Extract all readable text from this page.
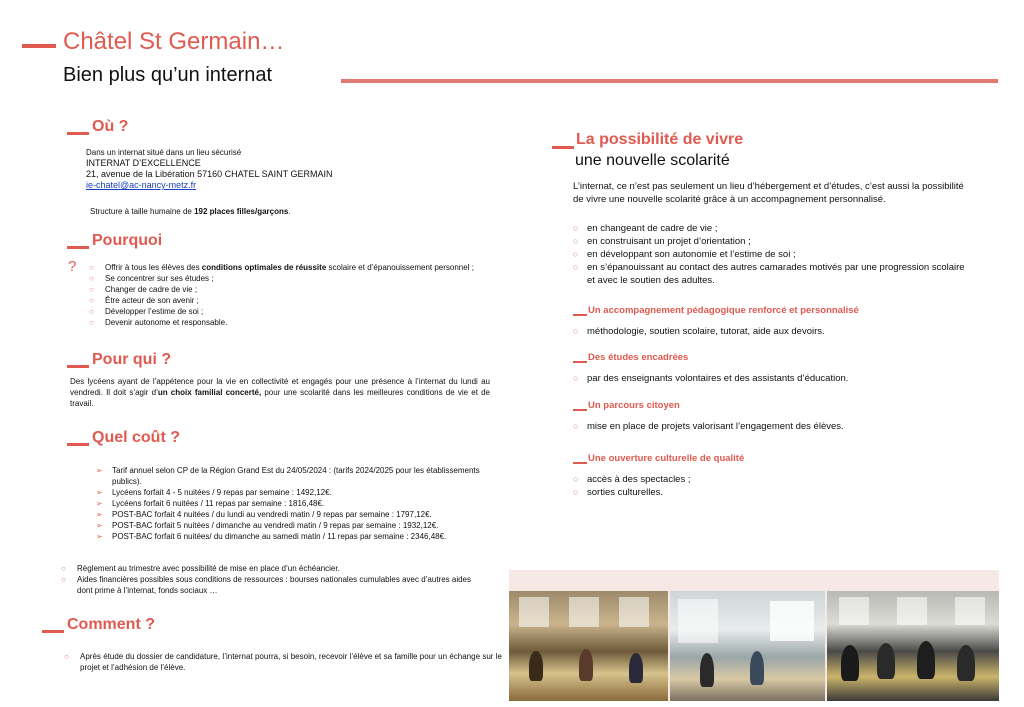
Châtel St Germain…
Bien plus qu’un internat
Où ?
Dans un internat situé dans un lieu sécurisé
INTERNAT D’EXCELLENCE
21, avenue de la Libération 57160 CHATEL SAINT GERMAIN
ie-chatel@ac-nancy-metz.fr
Structure à taille humaine de 192 places filles/garçons.
Pourquoi
?
○	Offrir à tous les élèves des conditions optimales de réussite scolaire et d’épanouissement personnel ;
○ Se concentrer sur ses études ;
○ Changer de cadre de vie ;
○ Être acteur de son avenir ;
○ Développer l’estime de soi ;
○ Devenir autonome et responsable.
Pour qui ?
Des lycéens ayant de l’appétence pour la vie en collectivité et engagés pour une présence à l’internat du lundi au vendredi. Il doit s’agir d’un choix familial concerté, pour une scolarité dans les meilleures conditions de vie et de travail.
Quel coût ?
➢ Tarif annuel selon CP de la Région Grand Est du 24/05/2024 : (tarifs 2024/2025 pour les établissements publics).
➢ Lycéens forfait 4 - 5 nuitées / 9 repas par semaine : 1492,12€.
➢ Lycéens forfait 6 nuitées / 11 repas par semaine : 1816,48€.
➢ POST-BAC forfait 4 nuitées / du lundi au vendredi matin / 9 repas par semaine : 1797,12€.
➢ POST-BAC forfait 5 nuitées / dimanche au vendredi matin / 9 repas par semaine : 1932,12€.
➢ POST-BAC forfait 6 nuitées/ du dimanche au samedi matin / 11 repas par semaine : 2346,48€.
○ Règlement au trimestre avec possibilité de mise en place d’un échéancier.
○ Aides financières possibles sous conditions de ressources : bourses nationales cumulables avec d’autres aides dont prime à l’internat, fonds sociaux …
Comment ?
○ Après étude du dossier de candidature, l’internat pourra, si besoin, recevoir l’élève et sa famille pour un échange sur le projet et l’adhésion de l’élève.
La possibilité de vivre
une nouvelle scolarité
L’internat, ce n’est pas seulement un lieu d’hébergement et d’études, c’est aussi la possibilité de vivre une nouvelle scolarité grâce à un accompagnement personnalisé.
○ en changeant de cadre de vie ;
○ en construisant un projet d’orientation ;
○ en développant son autonomie et l’estime de soi ;
○ en s’épanouissant au contact des autres camarades motivés par une progression scolaire et avec le soutien des adultes.
Un accompagnement pédagogique renforcé et personnalisé
○ méthodologie, soutien scolaire, tutorat, aide aux devoirs.
Des études encadrées
○ par des enseignants volontaires et des assistants d’éducation.
Un parcours citoyen
○ mise en place de projets valorisant l’engagement des élèves.
Une ouverture culturelle de qualité
○ accès à des spectacles ;
○ sorties culturelles.
